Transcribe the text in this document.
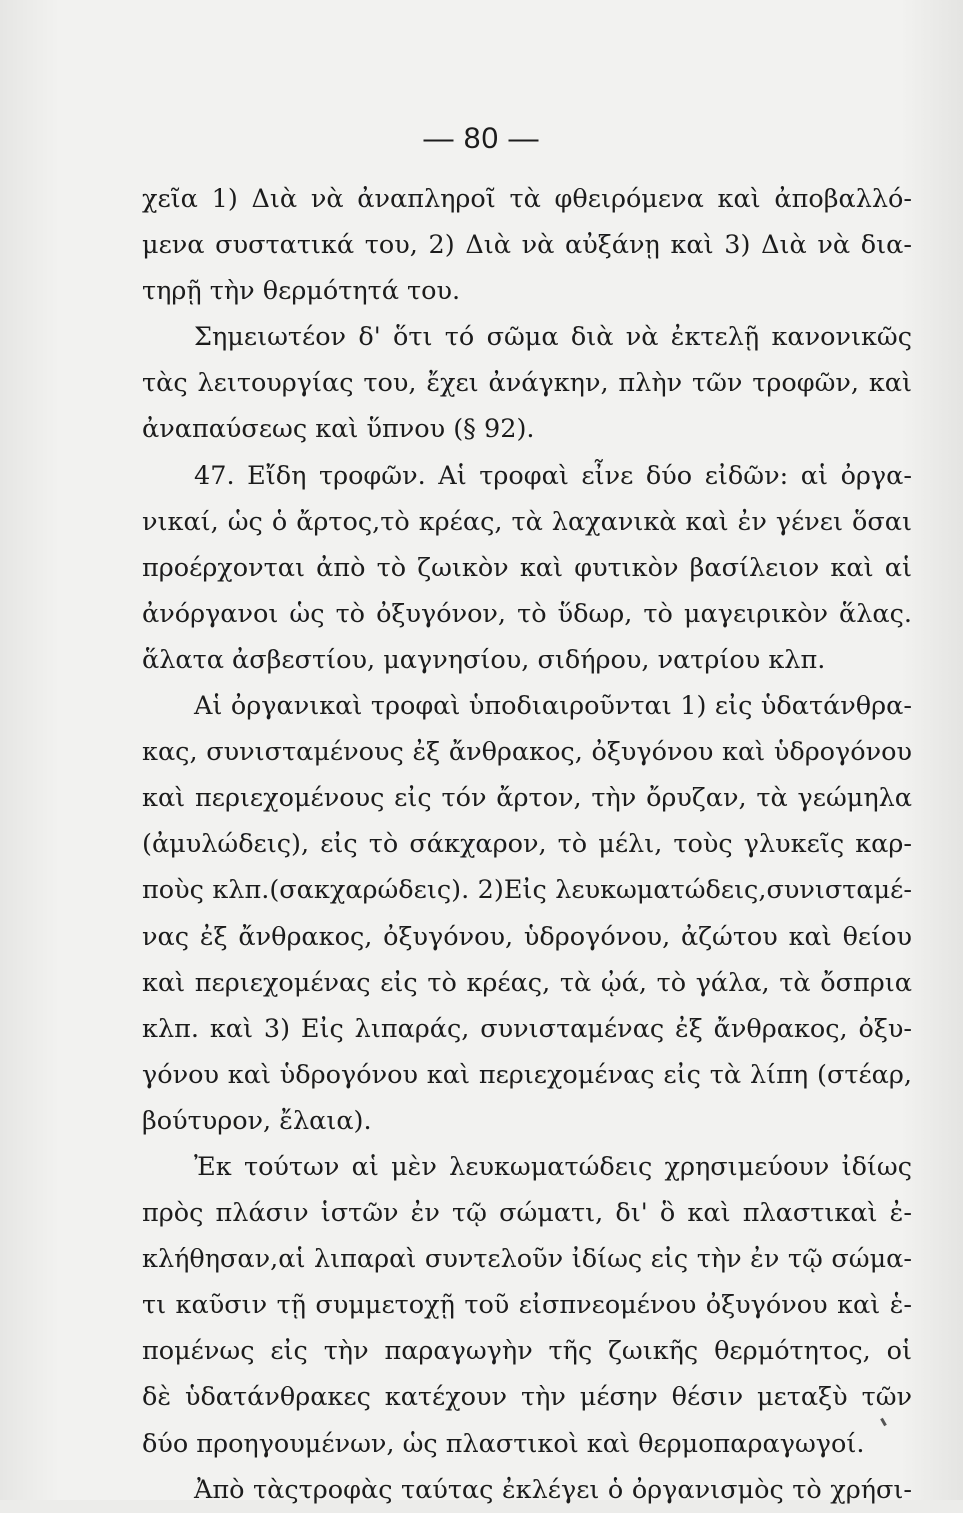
— 80 —
χεῖα 1) Διὰ νὰ ἀναπληροῖ τὰ φθειρόμενα καὶ ἀποβαλλό-
μενα συστατικά του, 2) Διὰ νὰ αὐξάνῃ καὶ 3) Διὰ νὰ δια-
τηρῇ τὴν θερμότητά του.
Σημειωτέον δ' ὅτι τό σῶμα διὰ νὰ ἐκτελῇ κανονικῶς
τὰς λειτουργίας του, ἔχει ἀνάγκην, πλὴν τῶν τροφῶν, καὶ
ἀναπαύσεως καὶ ὕπνου (§ 92).
47. Εἴδη τροφῶν. Αἱ τροφαὶ εἶνε δύο εἰδῶν: αἱ ὀργα-
νικαί, ὡς ὁ ἄρτος,τὸ κρέας, τὰ λαχανικὰ καὶ ἐν γένει ὅσαι
προέρχονται ἀπὸ τὸ ζωικὸν καὶ φυτικὸν βασίλειον καὶ αἱ
ἀνόργανοι ὡς τὸ ὀξυγόνον, τὸ ὕδωρ, τὸ μαγειρικὸν ἅλας.
ἅλατα ἀσβεστίου, μαγνησίου, σιδήρου, νατρίου κλπ.
Αἱ ὀργανικαὶ τροφαὶ ὑποδιαιροῦνται 1) εἰς ὑδατάνθρα-
κας, συνισταμένους ἐξ ἄνθρακος, ὀξυγόνου καὶ ὑδρογόνου
καὶ περιεχομένους εἰς τόν ἄρτον, τὴν ὄρυζαν, τὰ γεώμηλα
(ἀμυλώδεις), εἰς τὸ σάκχαρον, τὸ μέλι, τοὺς γλυκεῖς καρ-
ποὺς κλπ.(σακχαρώδεις). 2)Εἰς λευκωματώδεις,συνισταμέ-
νας ἐξ ἄνθρακος, ὀξυγόνου, ὑδρογόνου, ἀζώτου καὶ θείου
καὶ περιεχομένας εἰς τὸ κρέας, τὰ ᾠά, τὸ γάλα, τὰ ὄσπρια
κλπ. καὶ 3) Εἰς λιπαράς, συνισταμένας ἐξ ἄνθρακος, ὀξυ-
γόνου καὶ ὑδρογόνου καὶ περιεχομένας εἰς τὰ λίπη (στέαρ,
βούτυρον, ἔλαια).
Ἐκ τούτων αἱ μὲν λευκωματώδεις χρησιμεύουν ἰδίως
πρὸς πλάσιν ἱστῶν ἐν τῷ σώματι, δι' ὃ καὶ πλαστικαὶ ἐ-
κλήθησαν,αἱ λιπαραὶ συντελοῦν ἰδίως εἰς τὴν ἐν τῷ σώμα-
τι καῦσιν τῇ συμμετοχῇ τοῦ εἰσπνεομένου ὀξυγόνου καὶ ἑ-
πομένως εἰς τὴν παραγωγὴν τῆς ζωικῆς θερμότητος, οἱ
δὲ ὑδατάνθρακες κατέχουν τὴν μέσην θέσιν μεταξὺ τῶν
δύο προηγουμένων, ὡς πλαστικοὶ καὶ θερμοπαραγωγοί.
Ἀπὸ τὰςτροφὰς ταύτας ἐκλέγει ὁ ὀργανισμὸς τὸ χρήσι-
